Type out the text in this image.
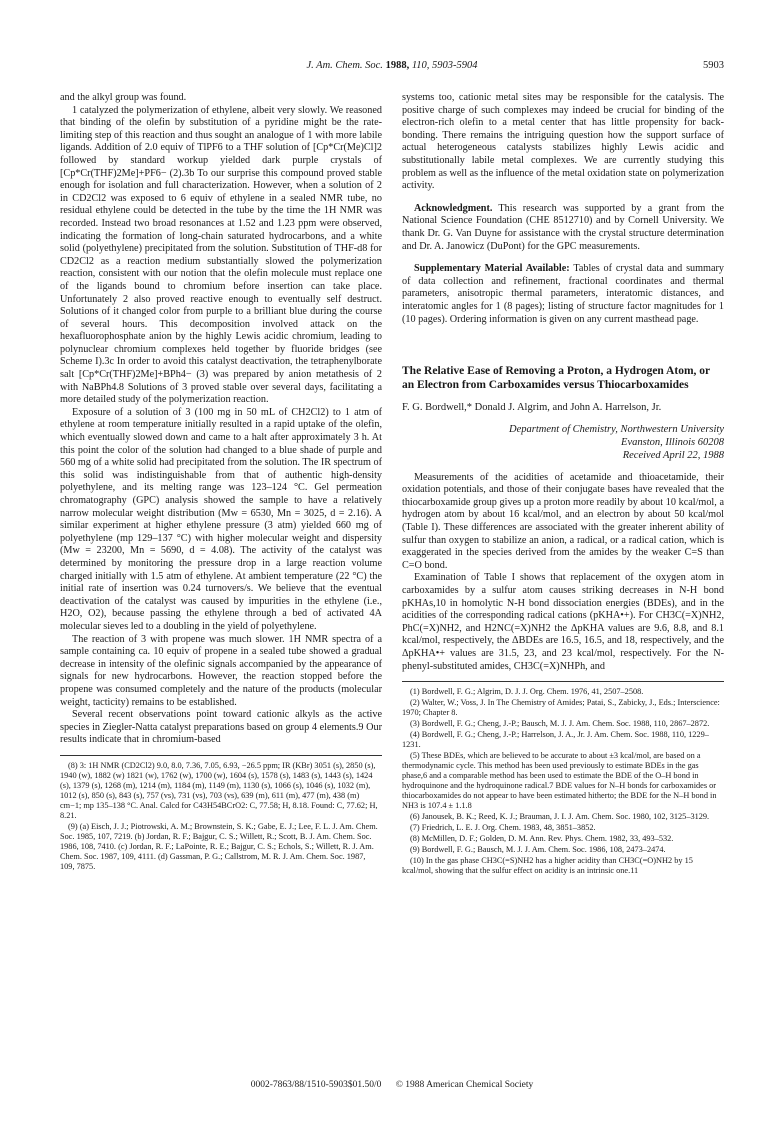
J. Am. Chem. Soc. 1988, 110, 5903-5904	5903

and the alkyl group was found.

1 catalyzed the polymerization of ethylene, albeit very slowly. We reasoned that binding of the olefin by substitution of a pyridine might be the rate-limiting step of this reaction and thus sought an analogue of 1 with more labile ligands. Addition of 2.0 equiv of TlPF6 to a THF solution of [Cp*Cr(Me)Cl]2 followed by standard workup yielded dark purple crystals of [Cp*Cr(THF)2Me]+PF6− (2).3b To our surprise this compound proved stable enough for isolation and full characterization. However, when a solution of 2 in CD2Cl2 was exposed to 6 equiv of ethylene in a sealed NMR tube, no residual ethylene could be detected in the tube by the time the 1H NMR was recorded. Instead two broad resonances at 1.52 and 1.23 ppm were observed, indicating the formation of long-chain saturated hydrocarbons, and a white solid (polyethylene) precipitated from the solution. Substitution of THF-d8 for CD2Cl2 as a reaction medium substantially slowed the polymerization reaction, consistent with our notion that the olefin molecule must replace one of the ligands bound to chromium before insertion can take place. Unfortunately 2 also proved reactive enough to eventually self destruct. Solutions of it changed color from purple to a brilliant blue during the course of several hours. This decomposition involved attack on the hexafluorophosphate anion by the highly Lewis acidic chromium, leading to polynuclear chromium complexes held together by fluoride bridges (see Scheme I).3c In order to avoid this catalyst deactivation, the tetraphenylborate salt [Cp*Cr(THF)2Me]+BPh4− (3) was prepared by anion metathesis of 2 with NaBPh4.8 Solutions of 3 proved stable over several days, facilitating a more detailed study of the polymerization reaction.

Exposure of a solution of 3 (100 mg in 50 mL of CH2Cl2) to 1 atm of ethylene at room temperature initially resulted in a rapid uptake of the olefin, which eventually slowed down and came to a halt after approximately 3 h. At this point the color of the solution had changed to a blue shade of purple and 560 mg of a white solid had precipitated from the solution. The IR spectrum of this solid was indistinguishable from that of authentic high-density polyethylene, and its melting range was 123–124 °C. Gel permeation chromatography (GPC) analysis showed the sample to have a relatively narrow molecular weight distribution (Mw = 6530, Mn = 3025, d = 2.16). A similar experiment at higher ethylene pressure (3 atm) yielded 660 mg of polyethylene (mp 129–137 °C) with higher molecular weight and dispersity (Mw = 23200, Mn = 5690, d = 4.08). The activity of the catalyst was determined by monitoring the pressure drop in a large reaction volume charged initially with 1.5 atm of ethylene. At ambient temperature (22 °C) the initial rate of insertion was 0.24 turnovers/s. We believe that the eventual deactivation of the catalyst was caused by impurities in the ethylene (i.e., H2O, O2), because passing the ethylene through a bed of activated 4A molecular sieves led to a doubling in the yield of polyethylene.

The reaction of 3 with propene was much slower. 1H NMR spectra of a sample containing ca. 10 equiv of propene in a sealed tube showed a gradual decrease in intensity of the olefinic signals accompanied by the appearance of signals for new hydrocarbons. However, the reaction stopped before the propene was consumed completely and the nature of the products (molecular weight, tacticity) remains to be established.

Several recent observations point toward cationic alkyls as the active species in Ziegler-Natta catalyst preparations based on group 4 elements.9 Our results indicate that in chromium-based

(8) 3: 1H NMR (CD2Cl2) 9.0, 8.0, 7.36, 7.05, 6.93, −26.5 ppm; IR (KBr) 3051 (s), 2850 (s), 1940 (w), 1882 (w) 1821 (w), 1762 (w), 1700 (w), 1604 (s), 1578 (s), 1483 (s), 1443 (s), 1424 (s), 1379 (s), 1268 (m), 1214 (m), 1184 (m), 1149 (m), 1130 (s), 1066 (s), 1046 (s), 1032 (m), 1012 (s), 850 (s), 843 (s), 757 (vs), 731 (vs), 703 (vs), 639 (m), 611 (m), 477 (m), 438 (m) cm−1; mp 135–138 °C. Anal. Calcd for C43H54BCrO2: C, 77.58; H, 8.18. Found: C, 77.62; H, 8.21.

(9) (a) Eisch, J. J.; Piotrowski, A. M.; Brownstein, S. K.; Gabe, E. J.; Lee, F. L. J. Am. Chem. Soc. 1985, 107, 7219. (b) Jordan, R. F.; Bajgur, C. S.; Willett, R.; Scott, B. J. Am. Chem. Soc. 1986, 108, 7410. (c) Jordan, R. F.; LaPointe, R. E.; Bajgur, C. S.; Echols, S.; Willett, R. J. Am. Chem. Soc. 1987, 109, 4111. (d) Gassman, P. G.; Callstrom, M. R. J. Am. Chem. Soc. 1987, 109, 7875.

systems too, cationic metal sites may be responsible for the catalysis. The positive charge of such complexes may indeed be crucial for binding of the electron-rich olefin to a metal center that has little propensity for back-bonding. There remains the intriguing question how the support surface of actual heterogeneous catalysts stabilizes highly Lewis acidic and substitutionally labile metal complexes. We are currently studying this problem as well as the influence of the metal oxidation state on polymerization activity.

Acknowledgment. This research was supported by a grant from the National Science Foundation (CHE 8512710) and by Cornell University. We thank Dr. G. Van Duyne for assistance with the crystal structure determination and Dr. A. Janowicz (DuPont) for the GPC measurements.

Supplementary Material Available: Tables of crystal data and summary of data collection and refinement, fractional coordinates and thermal parameters, anisotropic thermal parameters, interatomic distances, and interatomic angles for 1 (8 pages); listing of structure factor magnitudes for 1 (10 pages). Ordering information is given on any current masthead page.

The Relative Ease of Removing a Proton, a Hydrogen Atom, or an Electron from Carboxamides versus Thiocarboxamides
F. G. Bordwell,* Donald J. Algrim, and John A. Harrelson, Jr.
Department of Chemistry, Northwestern University
Evanston, Illinois 60208
Received April 22, 1988

Measurements of the acidities of acetamide and thioacetamide, their oxidation potentials, and those of their conjugate bases have revealed that the thiocarboxamide group gives up a proton more readily by about 10 kcal/mol, a hydrogen atom by about 16 kcal/mol, and an electron by about 50 kcal/mol (Table I). These differences are associated with the greater inherent ability of sulfur than oxygen to stabilize an anion, a radical, or a radical cation, which is exaggerated in the species derived from the amides by the weaker C=S than C=O bond.

Examination of Table I shows that replacement of the oxygen atom in carboxamides by a sulfur atom causes striking decreases in N-H bond pKHAs,10 in homolytic N-H bond dissociation energies (BDEs), and in the acidities of the corresponding radical cations (pKHA•+). For CH3C(=X)NH2, PhC(=X)NH2, and H2NC(=X)NH2 the ΔpKHA values are 9.6, 8.8, and 8.1 kcal/mol, respectively, the ΔBDEs are 16.5, 16.5, and 18, respectively, and the ΔpKHA•+ values are 31.5, 23, and 23 kcal/mol, respectively. For the N-phenyl-substituted amides, CH3C(=X)NHPh, and

(1) Bordwell, F. G.; Algrim, D. J. J. Org. Chem. 1976, 41, 2507–2508.

(2) Walter, W.; Voss, J. In The Chemistry of Amides; Patai, S., Zabicky, J., Eds.; Interscience: 1970; Chapter 8.

(3) Bordwell, F. G.; Cheng, J.-P.; Bausch, M. J. J. Am. Chem. Soc. 1988, 110, 2867–2872.

(4) Bordwell, F. G.; Cheng, J.-P.; Harrelson, J. A., Jr. J. Am. Chem. Soc. 1988, 110, 1229–1231.

(5) These BDEs, which are believed to be accurate to about ±3 kcal/mol, are based on a thermodynamic cycle. This method has been used previously to estimate BDEs in the gas phase,6 and a comparable method has been used to estimate the BDE of the O–H bond in hydroquinone and the hydroquinone radical.7 BDE values for N–H bonds for carboxamides or thiocarboxamides do not appear to have been estimated hitherto; the BDE for the N–H bond in NH3 is 107.4 ± 1.1.8

(6) Janousek, B. K.; Reed, K. J.; Brauman, J. I. J. Am. Chem. Soc. 1980, 102, 3125–3129.

(7) Friedrich, L. E. J. Org. Chem. 1983, 48, 3851–3852.

(8) McMillen, D. F.; Golden, D. M. Ann. Rev. Phys. Chem. 1982, 33, 493–532.

(9) Bordwell, F. G.; Bausch, M. J. J. Am. Chem. Soc. 1986, 108, 2473–2474.

(10) In the gas phase CH3C(=S)NH2 has a higher acidity than CH3C(=O)NH2 by 15 kcal/mol, showing that the sulfur effect on acidity is an intrinsic one.11

0002-7863/88/1510-5903$01.50/0 © 1988 American Chemical Society
